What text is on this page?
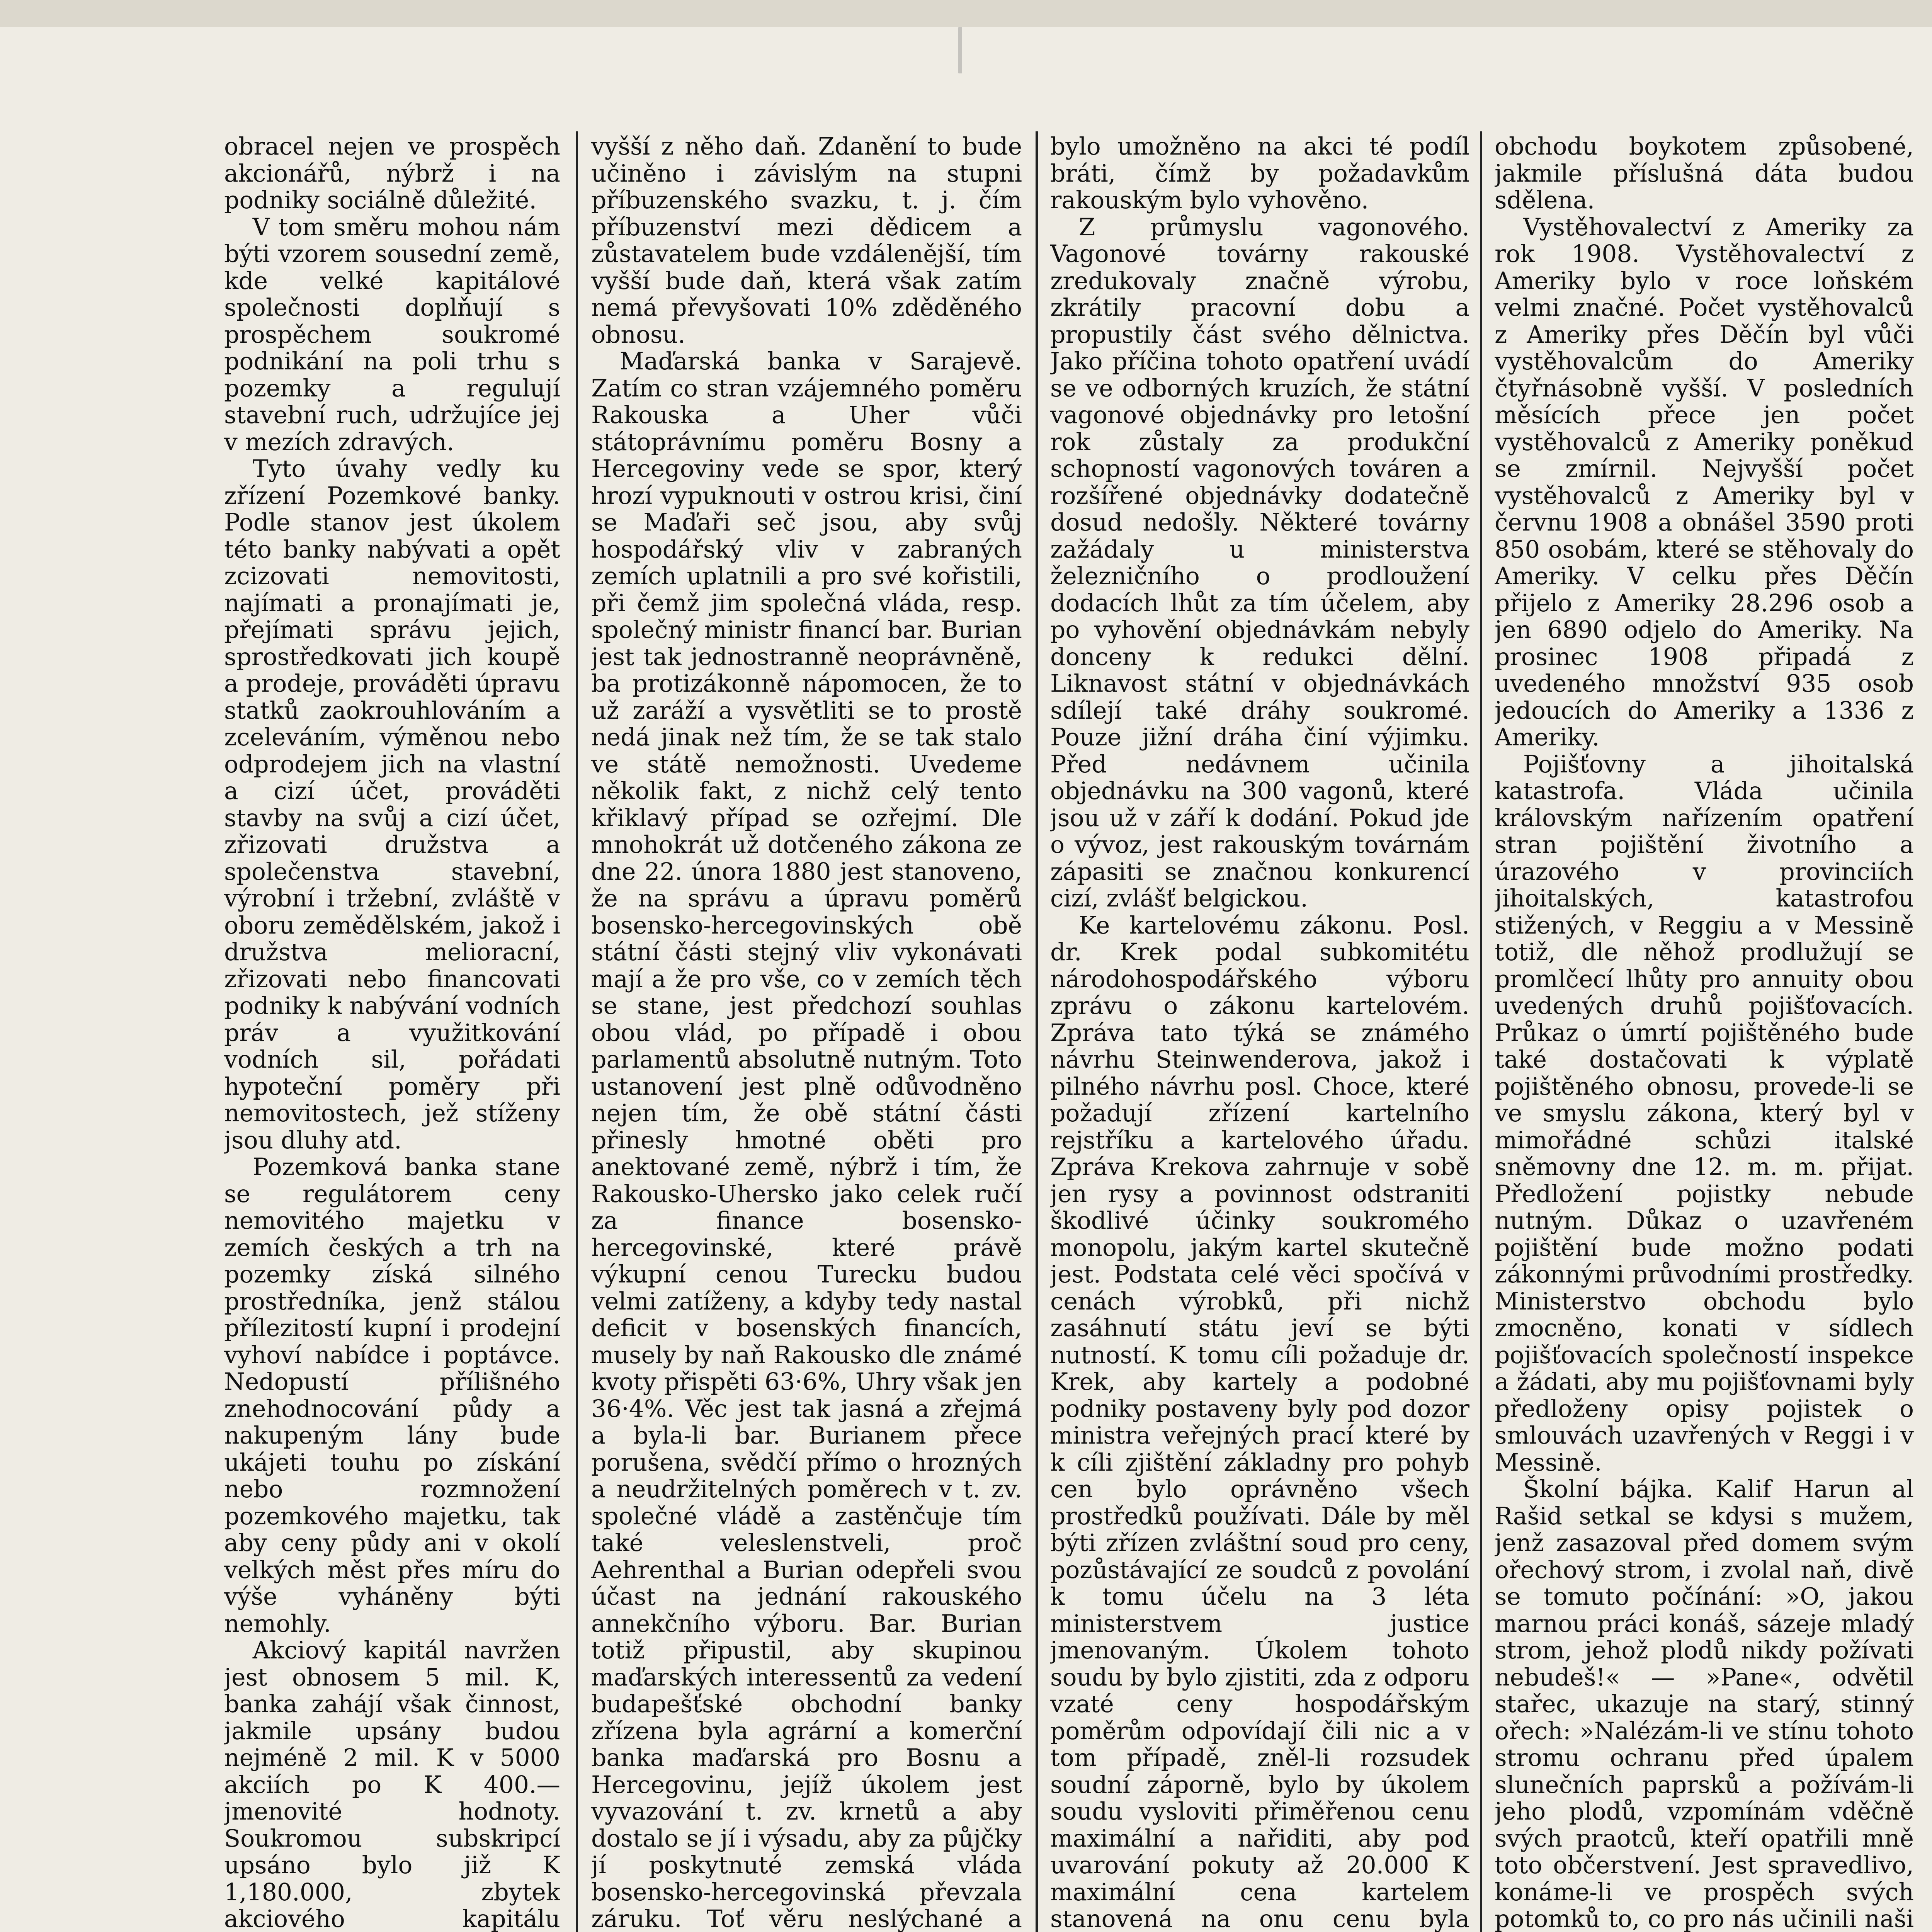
obracel nejen ve prospěch akcionářů, nýbrž i na podniky sociálně důležité.

V tom směru mohou nám býti vzorem sousední země, kde velké kapitálové společnosti doplňují s prospěchem soukromé podnikání na poli trhu s pozemky a regulují stavební ruch, udržujíce jej v mezích zdravých.

Tyto úvahy vedly ku zřízení Pozemkové banky. Podle stanov jest úkolem této banky nabývati a opět zcizovati nemovitosti, najímati a pronajímati je, přejímati správu jejich, sprostředkovati jich koupě a prodeje, prováděti úpravu statků zaokrouhlováním a zceleváním, výměnou nebo odprodejem jich na vlastní a cizí účet, prováděti stavby na svůj a cizí účet, zřizovati družstva a společenstva stavební, výrobní i tržební, zvláště v oboru zemědělském, jakož i družstva melioracní, zřizovati nebo financovati podniky k nabývání vodních práv a využitkování vodních sil, pořádati hypoteční poměry při nemovitostech, jež stíženy jsou dluhy atd.

Pozemková banka stane se regulátorem ceny nemovitého majetku v zemích českých a trh na pozemky získá silného prostředníka, jenž stálou přílezitostí kupní i prodejní vyhoví nabídce i poptávce. Nedopustí přílišného znehodnocování půdy a nakupeným lány bude ukájeti touhu po získání nebo rozmnožení pozemkového majetku, tak aby ceny půdy ani v okolí velkých měst přes míru do výše vyháněny býti nemohly.

Akciový kapitál navržen jest obnosem 5 mil. K, banka zahájí však činnost, jakmile upsány budou nejméně 2 mil. K v 5000 akciích po K 400.— jmenovité hodnoty. Soukromou subskripcí upsáno bylo již K 1,180.000, zbytek akciového kapitálu

vyšší z něho daň. Zdanění to bude učiněno i závislým na stupni příbuzenského svazku, t. j. čím příbuzenství mezi dědicem a zůstavatelem bude vzdálenější, tím vyšší bude daň, která však zatím nemá převyšovati 10% zděděného obnosu.

Maďarská banka v Sarajevě. Zatím co stran vzájemného poměru Rakouska a Uher vůči státoprávnímu poměru Bosny a Hercegoviny vede se spor, který hrozí vypuknouti v ostrou krisi, činí se Maďaři seč jsou, aby svůj hospodářský vliv v zabraných zemích uplatnili a pro své kořistili, při čemž jim společná vláda, resp. společný ministr financí bar. Burian jest tak jednostranně neoprávněně, ba protizákonně nápomocen, že to už zaráží a vysvětliti se to prostě nedá jinak než tím, že se tak stalo ve státě nemožnosti. Uvedeme několik fakt, z nichž celý tento křiklavý případ se ozřejmí. Dle mnohokrát už dotčeného zákona ze dne 22. února 1880 jest stanoveno, že na správu a úpravu poměrů bosensko-hercegovinských obě státní části stejný vliv vykonávati mají a že pro vše, co v zemích těch se stane, jest předchozí souhlas obou vlád, po případě i obou parlamentů absolutně nutným. Toto ustanovení jest plně odůvodněno nejen tím, že obě státní části přinesly hmotné oběti pro anektované země, nýbrž i tím, že Rakousko-Uhersko jako celek ručí za finance bosensko-hercegovinské, které právě výkupní cenou Turecku budou velmi zatíženy, a kdyby tedy nastal deficit v bosenských financích, musely by naň Rakousko dle známé kvoty přispěti 63·6%, Uhry však jen 36·4%. Věc jest tak jasná a zřejmá a byla-li bar. Burianem přece porušena, svědčí přímo o hrozných a neudržitelných poměrech v t. zv. společné vládě a zastěnčuje tím také veleslenstveli, proč Aehrenthal a Burian odepřeli svou účast na jednání rakouského annekčního výboru. Bar. Burian totiž připustil, aby skupinou maďarských interessentů za vedení budapešťské obchodní banky zřízena byla agrární a komerční banka maďarská pro Bosnu a Hercegovinu, jejíž úkolem jest vyvazování t. zv. krnetů a aby dostalo se jí i výsadu, aby za půjčky jí poskytnuté zemská vláda bosensko-hercegovinská převzala záruku. Toť věru neslýchané a

bylo umožněno na akci té podíl bráti, čímž by požadavkům rakouským bylo vyhověno.

Z průmyslu vagonového. Vagonové továrny rakouské zredukovaly značně výrobu, zkrátily pracovní dobu a propustily část svého dělnictva. Jako příčina tohoto opatření uvádí se ve odborných kruzích, že státní vagonové objednávky pro letošní rok zůstaly za produkční schopností vagonových továren a rozšířené objednávky dodatečně dosud nedošly. Některé továrny zažádaly u ministerstva železničního o prodloužení dodacích lhůt za tím účelem, aby po vyhovění objednávkám nebyly donceny k redukci dělní. Liknavost státní v objednávkách sdílejí také dráhy soukromé. Pouze jižní dráha činí výjimku. Před nedávnem učinila objednávku na 300 vagonů, které jsou už v září k dodání. Pokud jde o vývoz, jest rakouským továrnám zápasiti se značnou konkurencí cizí, zvlášť belgickou.

Ke kartelovému zákonu. Posl. dr. Krek podal subkomitétu národohospodářského výboru zprávu o zákonu kartelovém. Zpráva tato týká se známého návrhu Steinwenderova, jakož i pilného návrhu posl. Choce, které požadují zřízení kartelního rejstříku a kartelového úřadu. Zpráva Krekova zahrnuje v sobě jen rysy a povinnost odstraniti škodlivé účinky soukromého monopolu, jakým kartel skutečně jest. Podstata celé věci spočívá v cenách výrobků, při nichž zasáhnutí státu jeví se býti nutností. K tomu cíli požaduje dr. Krek, aby kartely a podobné podniky postaveny byly pod dozor ministra veřejných prací které by k cíli zjištění základny pro pohyb cen bylo oprávněno všech prostředků používati. Dále by měl býti zřízen zvláštní soud pro ceny, pozůstávající ze soudců z povolání k tomu účelu na 3 léta ministerstvem justice jmenovaným. Úkolem tohoto soudu by bylo zjistiti, zda z odporu vzaté ceny hospodářským poměrům odpovídají čili nic a v tom případě, zněl-li rozsudek soudní záporně, bylo by úkolem soudu vysloviti přiměřenou cenu maximální a nařiditi, aby pod uvarování pokuty až 20.000 K maximální cena kartelem stanovená na onu cenu byla

obchodu boykotem způsobené, jakmile příslušná dáta budou sdělena.

Vystěhovalectví z Ameriky za rok 1908. Vystěhovalectví z Ameriky bylo v roce loňském velmi značné. Počet vystěhovalců z Ameriky přes Děčín byl vůči vystěhovalcům do Ameriky čtyřnásobně vyšší. V posledních měsících přece jen počet vystěhovalců z Ameriky poněkud se zmírnil. Nejvyšší počet vystěhovalců z Ameriky byl v červnu 1908 a obnášel 3590 proti 850 osobám, které se stěhovaly do Ameriky. V celku přes Děčín přijelo z Ameriky 28.296 osob a jen 6890 odjelo do Ameriky. Na prosinec 1908 připadá z uvedeného množství 935 osob jedoucích do Ameriky a 1336 z Ameriky.

Pojišťovny a jihoitalská katastrofa. Vláda učinila královským nařízením opatření stran pojištění životního a úrazového v provinciích jihoitalských, katastrofou stižených, v Reggiu a v Messině totiž, dle něhož prodlužují se promlčecí lhůty pro annuity obou uvedených druhů pojišťovacích. Průkaz o úmrtí pojištěného bude také dostačovati k výplatě pojištěného obnosu, provede-li se ve smyslu zákona, který byl v mimořádné schůzi italské sněmovny dne 12. m. m. přijat. Předložení pojistky nebude nutným. Důkaz o uzavřeném pojištění bude možno podati zákonnými průvodními prostředky. Ministerstvo obchodu bylo zmocněno, konati v sídlech pojišťovacích společností inspekce a žádati, aby mu pojišťovnami byly předloženy opisy pojistek o smlouvách uzavřených v Reggi i v Messině.

Školní bájka. Kalif Harun al Rašid setkal se kdysi s mužem, jenž zasazoval před domem svým ořechový strom, i zvolal naň, divě se tomuto počínání: »O, jakou marnou práci konáš, sázeje mladý strom, jehož plodů nikdy požívati nebudeš!« — »Pane«, odvětil stařec, ukazuje na starý, stinný ořech: »Nalézám-li ve stínu tohoto stromu ochranu před úpalem slunečních paprsků a požívám-li jeho plodů, vzpomínám vděčně svých praotců, kteří opatřili mně toto občerstvení. Jest spravedlivo, konáme-li ve prospěch svých potomků to, co pro nás učinili naši
